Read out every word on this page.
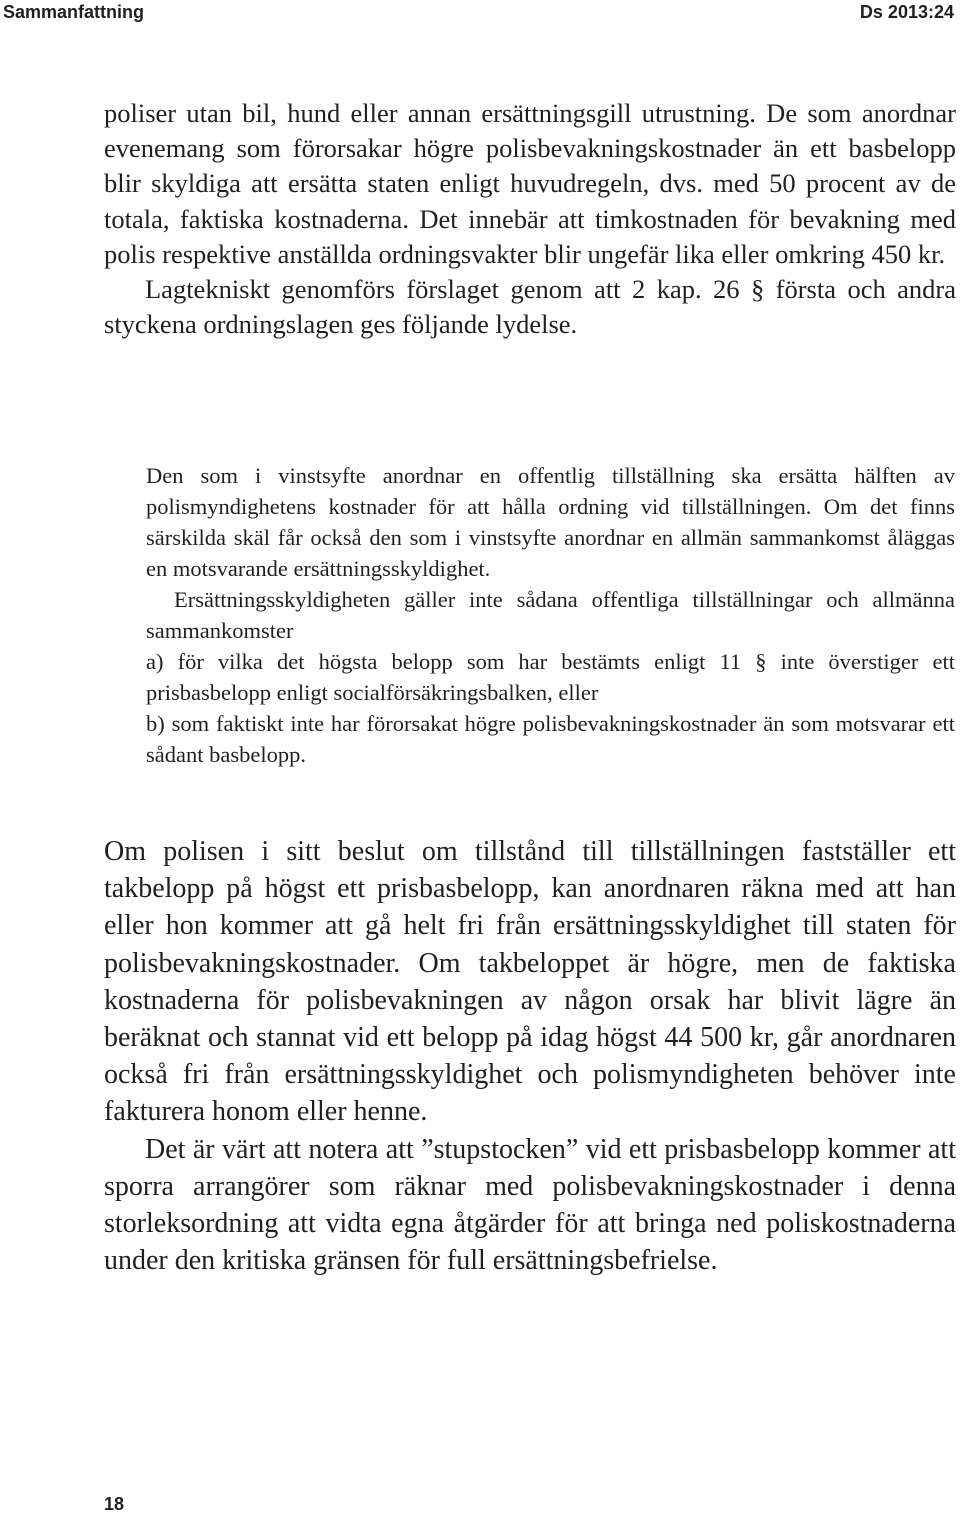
Sammanfattning	Ds 2013:24

poliser utan bil, hund eller annan ersättningsgill utrustning. De som anordnar evenemang som förorsakar högre polisbevakningskostnader än ett basbelopp blir skyldiga att ersätta staten enligt huvudregeln, dvs. med 50 procent av de totala, faktiska kostnaderna. Det innebär att timkostnaden för bevakning med polis respektive anställda ordningsvakter blir ungefär lika eller omkring 450 kr.

Lagtekniskt genomförs förslaget genom att 2 kap. 26 § första och andra styckena ordningslagen ges följande lydelse.

Den som i vinstsyfte anordnar en offentlig tillställning ska ersätta hälften av polismyndighetens kostnader för att hålla ordning vid tillställningen. Om det finns särskilda skäl får också den som i vinstsyfte anordnar en allmän sammankomst åläggas en motsvarande ersättningsskyldighet.

Ersättningsskyldigheten gäller inte sådana offentliga tillställningar och allmänna sammankomster

a) för vilka det högsta belopp som har bestämts enligt 11 § inte överstiger ett prisbasbelopp enligt socialförsäkringsbalken, eller

b) som faktiskt inte har förorsakat högre polisbevakningskostnader än som motsvarar ett sådant basbelopp.

Om polisen i sitt beslut om tillstånd till tillställningen fastställer ett takbelopp på högst ett prisbasbelopp, kan anordnaren räkna med att han eller hon kommer att gå helt fri från ersättningsskyldighet till staten för polisbevakningskostnader. Om takbeloppet är högre, men de faktiska kostnaderna för polisbevakningen av någon orsak har blivit lägre än beräknat och stannat vid ett belopp på idag högst 44 500 kr, går anordnaren också fri från ersättningsskyldighet och polismyndigheten behöver inte fakturera honom eller henne.

Det är värt att notera att ”stupstocken” vid ett prisbasbelopp kommer att sporra arrangörer som räknar med polisbevakningskostnader i denna storleksordning att vidta egna åtgärder för att bringa ned poliskostnaderna under den kritiska gränsen för full ersättningsbefrielse.

18
